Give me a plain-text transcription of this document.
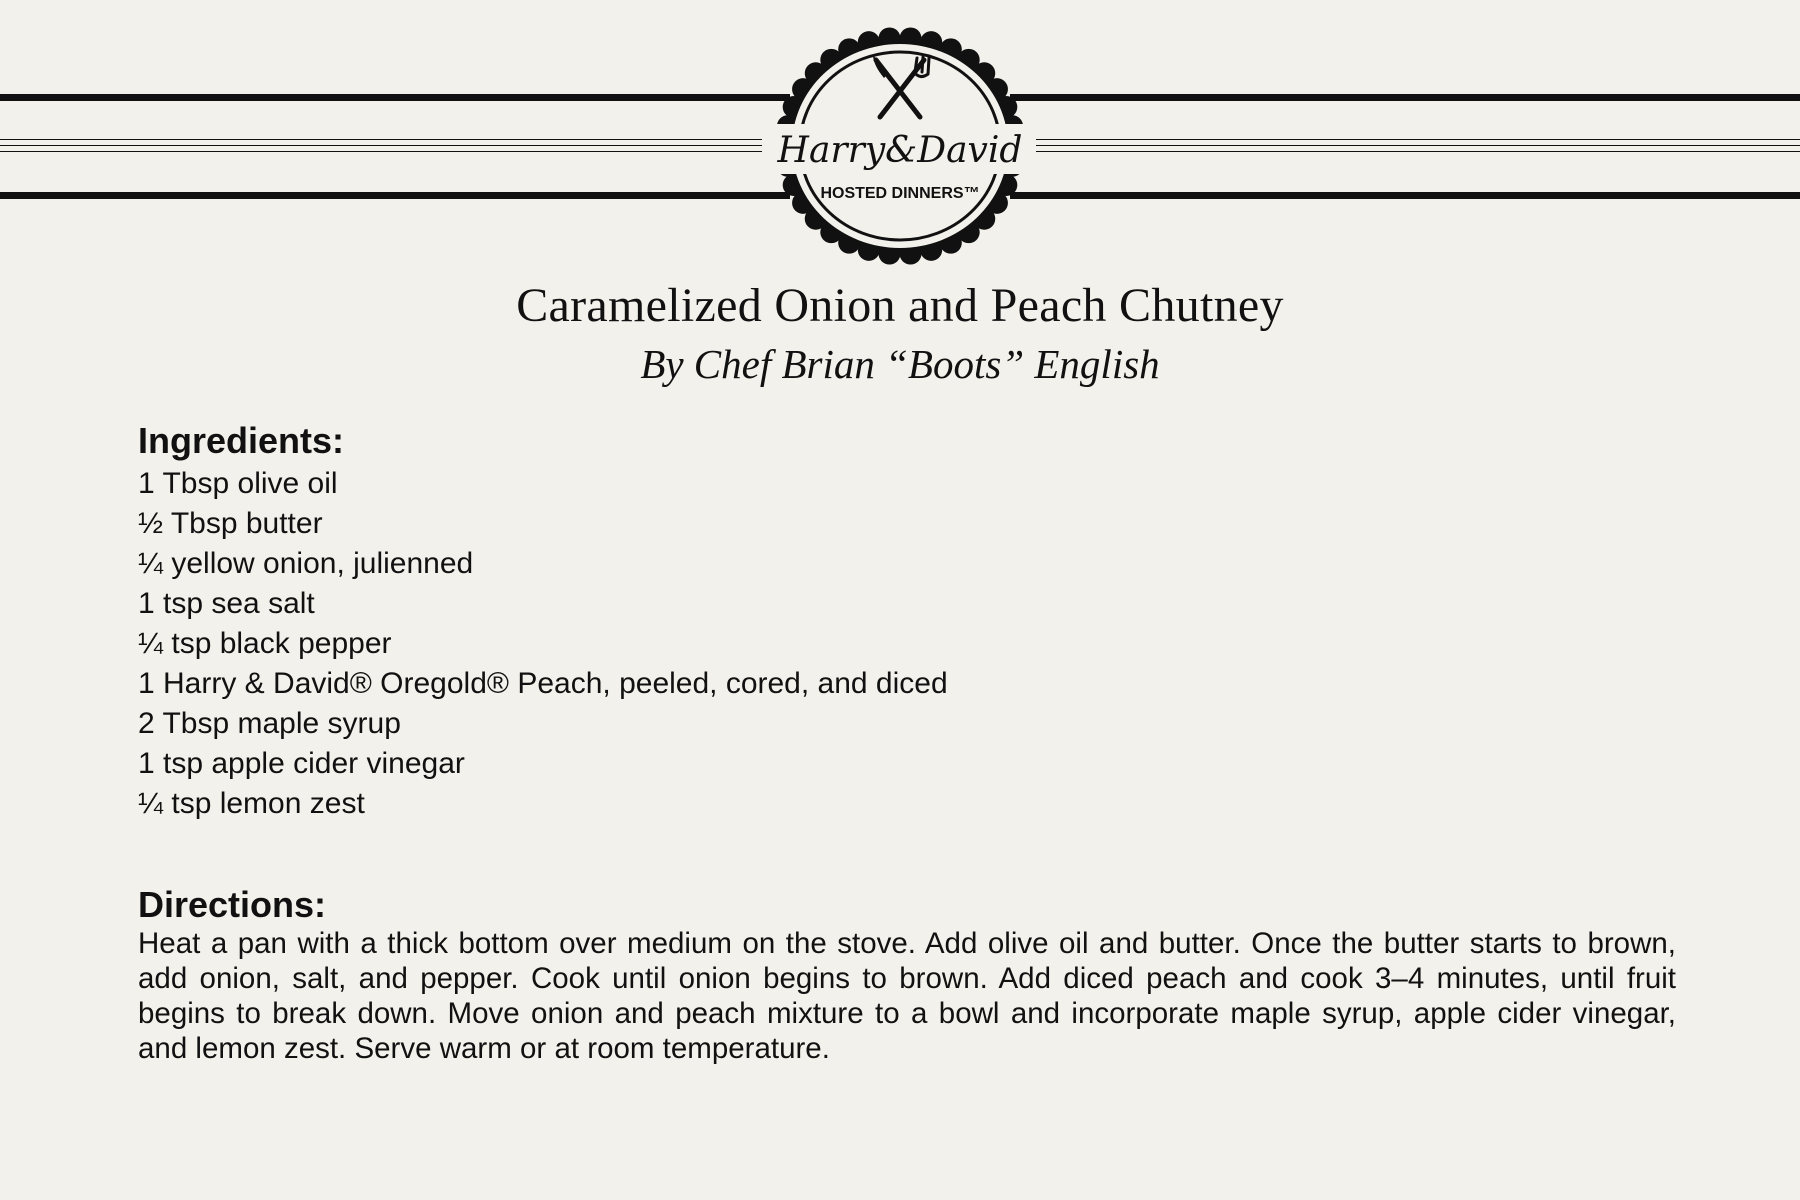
Harry&David
HOSTED DINNERS™
Caramelized Onion and Peach Chutney
By Chef Brian “Boots” English
Ingredients:
1 Tbsp olive oil
½ Tbsp butter
¼ yellow onion, julienned
1 tsp sea salt
¼ tsp black pepper
1 Harry & David® Oregold® Peach, peeled, cored, and diced
2 Tbsp maple syrup
1 tsp apple cider vinegar
¼ tsp lemon zest
Directions:

Heat a pan with a thick bottom over medium on the stove. Add olive oil and butter. Once the butter starts to brown, add onion, salt, and pepper. Cook until onion begins to brown. Add diced peach and cook 3–4 minutes, until fruit begins to break down. Move onion and peach mixture to a bowl and incorporate maple syrup, apple cider vinegar, and lemon zest. Serve warm or at room temperature.
